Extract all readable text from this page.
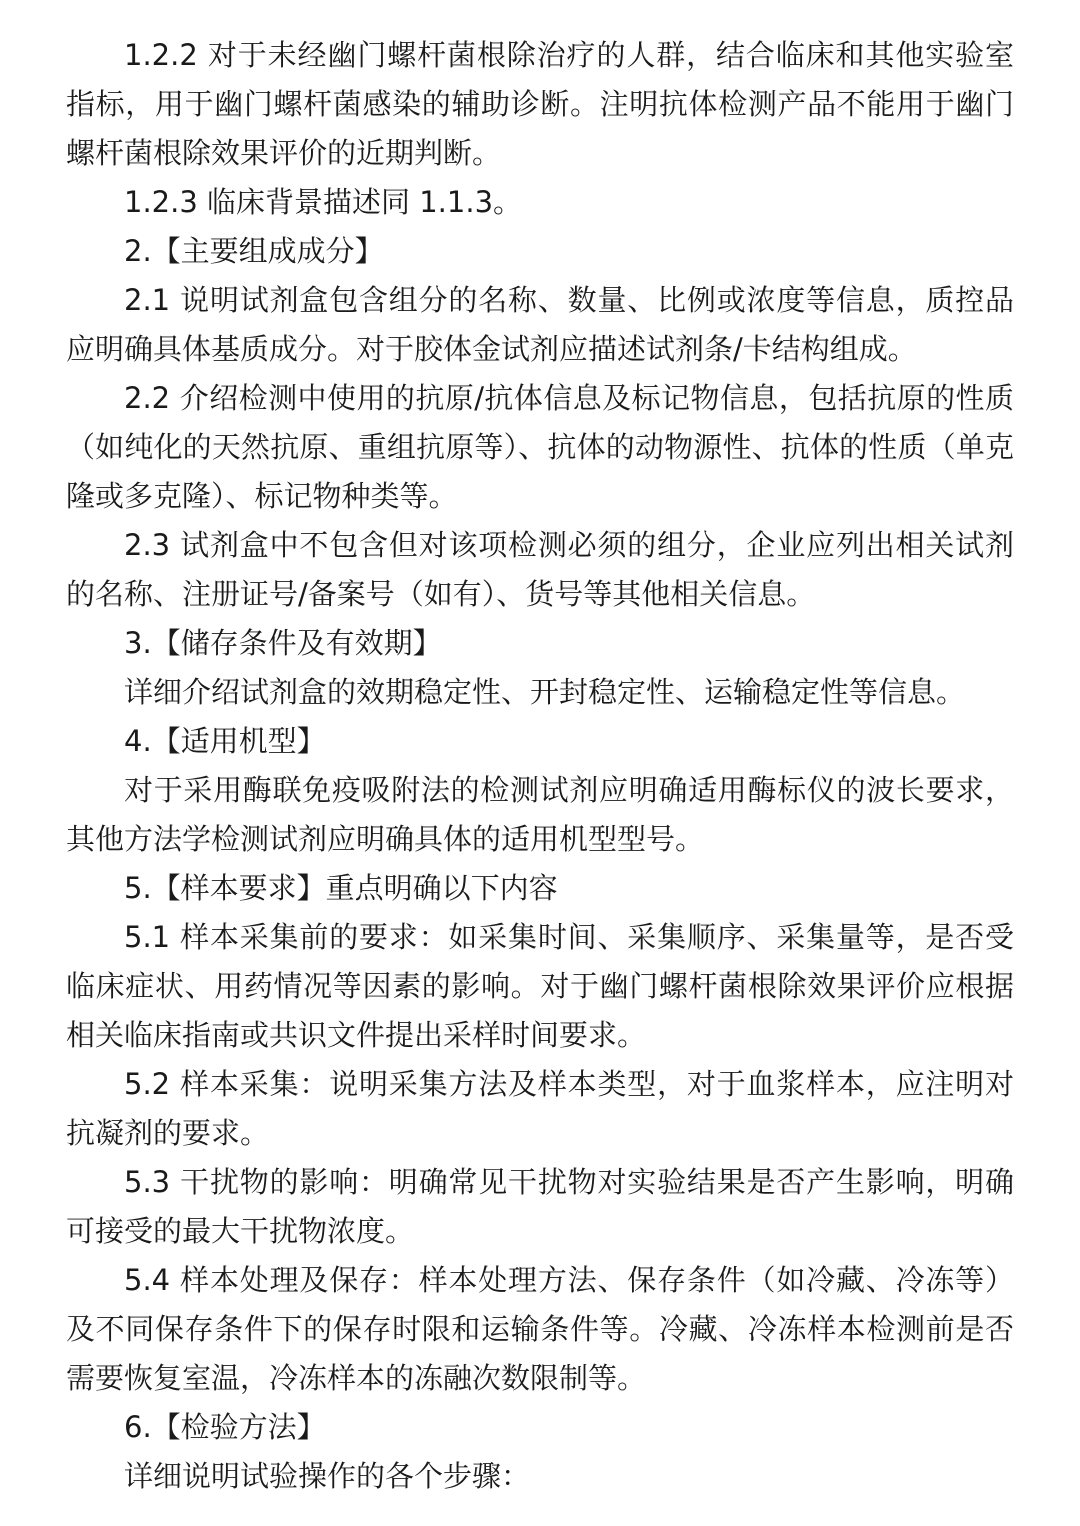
1.2.2 对于未经幽门螺杆菌根除治疗的人群，结合临床和其他实验室指标，用于幽门螺杆菌感染的辅助诊断。注明抗体检测产品不能用于幽门螺杆菌根除效果评价的近期判断。

1.2.3 临床背景描述同 1.1.3。

2.【主要组成成分】

2.1 说明试剂盒包含组分的名称、数量、比例或浓度等信息，质控品应明确具体基质成分。对于胶体金试剂应描述试剂条/卡结构组成。

2.2 介绍检测中使用的抗原/抗体信息及标记物信息，包括抗原的性质（如纯化的天然抗原、重组抗原等）、抗体的动物源性、抗体的性质（单克隆或多克隆）、标记物种类等。

2.3 试剂盒中不包含但对该项检测必须的组分，企业应列出相关试剂的名称、注册证号/备案号（如有）、货号等其他相关信息。

3.【储存条件及有效期】

详细介绍试剂盒的效期稳定性、开封稳定性、运输稳定性等信息。

4.【适用机型】

对于采用酶联免疫吸附法的检测试剂应明确适用酶标仪的波长要求，其他方法学检测试剂应明确具体的适用机型型号。

5.【样本要求】重点明确以下内容

5.1 样本采集前的要求：如采集时间、采集顺序、采集量等，是否受临床症状、用药情况等因素的影响。对于幽门螺杆菌根除效果评价应根据相关临床指南或共识文件提出采样时间要求。

5.2 样本采集：说明采集方法及样本类型，对于血浆样本，应注明对抗凝剂的要求。

5.3 干扰物的影响：明确常见干扰物对实验结果是否产生影响，明确可接受的最大干扰物浓度。

5.4 样本处理及保存：样本处理方法、保存条件（如冷藏、冷冻等）及不同保存条件下的保存时限和运输条件等。冷藏、冷冻样本检测前是否需要恢复室温，冷冻样本的冻融次数限制等。

6.【检验方法】

详细说明试验操作的各个步骤：
